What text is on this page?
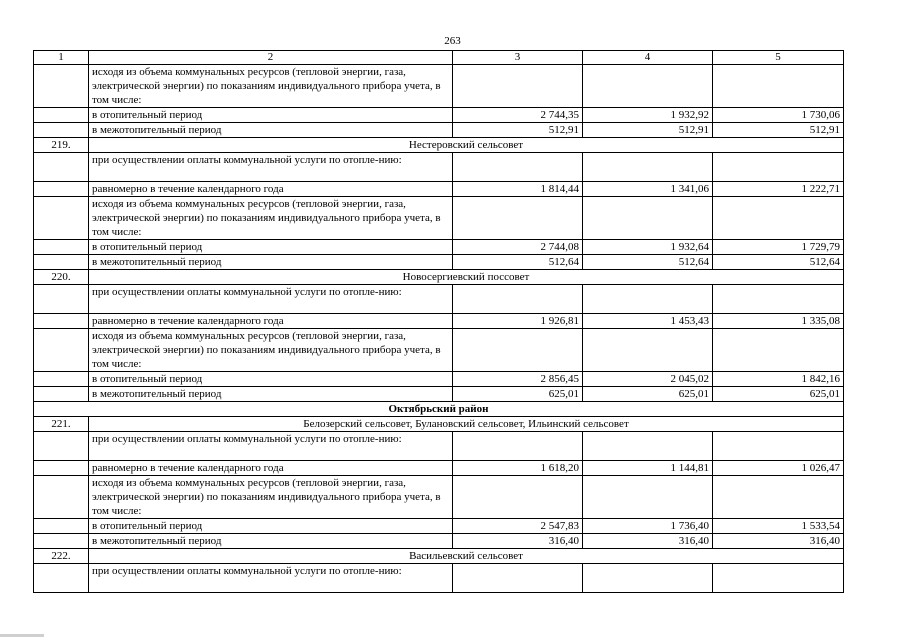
263
1	2	3	4	5
	исходя из объема коммунальных ресурсов (тепловой энергии, газа, электрической энергии) по показаниям индивидуального прибора учета, в том числе:			
	в отопительный период	2 744,35	1 932,92	1 730,06
	в межотопительный период	512,91	512,91	512,91
219.	Нестеровский сельсовет			
	при осуществлении оплаты коммунальной услуги по отопле-нию:			
	равномерно в течение календарного года	1 814,44	1 341,06	1 222,71
	исходя из объема коммунальных ресурсов (тепловой энергии, газа, электрической энергии) по показаниям индивидуального прибора учета, в том числе:			
	в отопительный период	2 744,08	1 932,64	1 729,79
	в межотопительный период	512,64	512,64	512,64
220.	Новосергиевский поссовет			
	при осуществлении оплаты коммунальной услуги по отопле-нию:			
	равномерно в течение календарного года	1 926,81	1 453,43	1 335,08
	исходя из объема коммунальных ресурсов (тепловой энергии, газа, электрической энергии) по показаниям индивидуального прибора учета, в том числе:			
	в отопительный период	2 856,45	2 045,02	1 842,16
	в межотопительный период	625,01	625,01	625,01
Октябрьский район				
221.	Белозерский сельсовет, Булановский сельсовет, Ильинский сельсовет			
	при осуществлении оплаты коммунальной услуги по отопле-нию:			
	равномерно в течение календарного года	1 618,20	1 144,81	1 026,47
	исходя из объема коммунальных ресурсов (тепловой энергии, газа, электрической энергии) по показаниям индивидуального прибора учета, в том числе:			
	в отопительный период	2 547,83	1 736,40	1 533,54
	в межотопительный период	316,40	316,40	316,40
222.	Васильевский сельсовет			
	при осуществлении оплаты коммунальной услуги по отопле-нию:			
